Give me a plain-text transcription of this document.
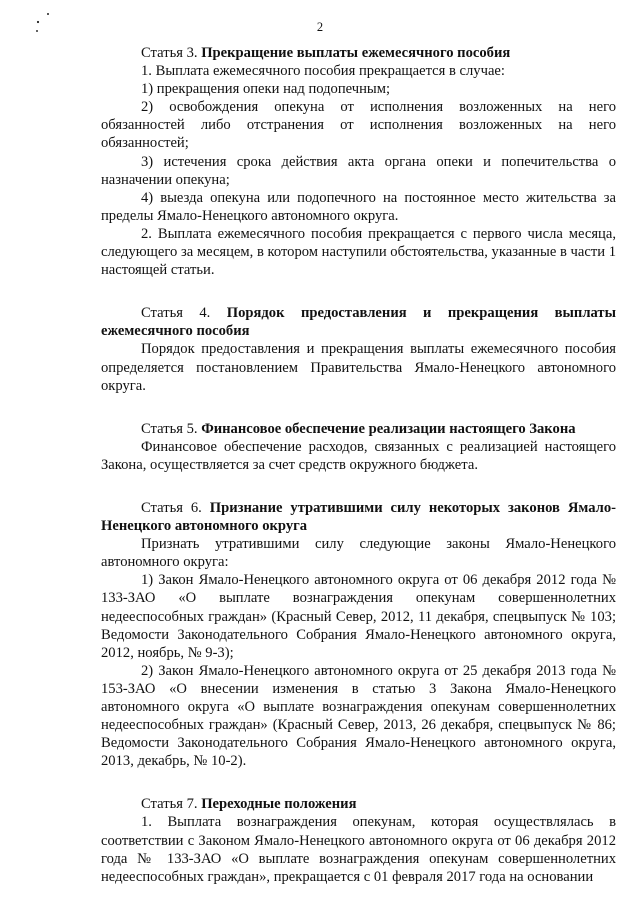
2

Статья 3. Прекращение выплаты ежемесячного пособия

1. Выплата ежемесячного пособия прекращается в случае:

1) прекращения опеки над подопечным;

2) освобождения опекуна от исполнения возложенных на него обязанностей либо отстранения от исполнения возложенных на него обязанностей;

3) истечения срока действия акта органа опеки и попечительства о назначении опекуна;

4) выезда опекуна или подопечного на постоянное место жительства за пределы Ямало-Ненецкого автономного округа.

2. Выплата ежемесячного пособия прекращается с первого числа месяца, следующего за месяцем, в котором наступили обстоятельства, указанные в части 1 настоящей статьи.

Статья 4. Порядок предоставления и прекращения выплаты ежемесячного пособия

Порядок предоставления и прекращения выплаты ежемесячного пособия определяется постановлением Правительства Ямало-Ненецкого автономного округа.

Статья 5. Финансовое обеспечение реализации настоящего Закона

Финансовое обеспечение расходов, связанных с реализацией настоящего Закона, осуществляется за счет средств окружного бюджета.

Статья 6. Признание утратившими силу некоторых законов Ямало-Ненецкого автономного округа

Признать утратившими силу следующие законы Ямало-Ненецкого автономного округа:

1) Закон Ямало-Ненецкого автономного округа от 06 декабря 2012 года № 133-ЗАО «О выплате вознаграждения опекунам совершеннолетних недееспособных граждан» (Красный Север, 2012, 11 декабря, спецвыпуск № 103; Ведомости Законодательного Собрания Ямало-Ненецкого автономного округа, 2012, ноябрь, № 9-3);

2) Закон Ямало-Ненецкого автономного округа от 25 декабря 2013 года № 153-ЗАО «О внесении изменения в статью 3 Закона Ямало-Ненецкого автономного округа «О выплате вознаграждения опекунам совершеннолетних недееспособных граждан» (Красный Север, 2013, 26 декабря, спецвыпуск № 86; Ведомости Законодательного Собрания Ямало-Ненецкого автономного округа, 2013, декабрь, № 10-2).

Статья 7. Переходные положения

1. Выплата вознаграждения опекунам, которая осуществлялась в соответствии с Законом Ямало-Ненецкого автономного округа от 06 декабря 2012 года № 133-ЗАО «О выплате вознаграждения опекунам совершеннолетних недееспособных граждан», прекращается с 01 февраля 2017 года на основании
